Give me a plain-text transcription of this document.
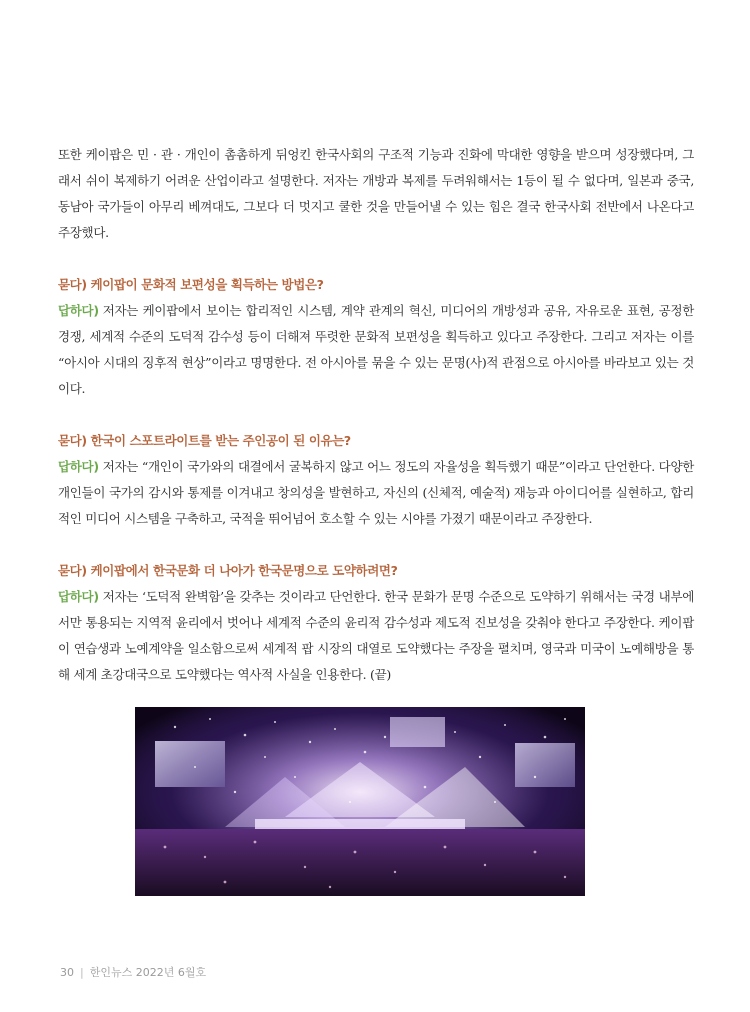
또한 케이팝은 민 · 관 · 개인이 촘촘하게 뒤엉킨 한국사회의 구조적 기능과 진화에 막대한 영향을 받으며 성장했다며, 그래서 쉬이 복제하기 어려운 산업이라고 설명한다. 저자는 개방과 복제를 두려워해서는 1등이 될 수 없다며, 일본과 중국, 동남아 국가들이 아무리 베껴대도, 그보다 더 멋지고 쿨한 것을 만들어낼 수 있는 힘은 결국 한국사회 전반에서 나온다고 주장했다.

묻다) 케이팝이 문화적 보편성을 획득하는 방법은?

답하다) 저자는 케이팝에서 보이는 합리적인 시스템, 계약 관계의 혁신, 미디어의 개방성과 공유, 자유로운 표현, 공정한 경쟁, 세계적 수준의 도덕적 감수성 등이 더해져 뚜렷한 문화적 보편성을 획득하고 있다고 주장한다. 그리고 저자는 이를 “아시아 시대의 징후적 현상”이라고 명명한다. 전 아시아를 묶을 수 있는 문명(사)적 관점으로 아시아를 바라보고 있는 것이다.

묻다) 한국이 스포트라이트를 받는 주인공이 된 이유는?

답하다) 저자는 “개인이 국가와의 대결에서 굴복하지 않고 어느 정도의 자율성을 획득했기 때문”이라고 단언한다. 다양한 개인들이 국가의 감시와 통제를 이겨내고 창의성을 발현하고, 자신의 (신체적, 예술적) 재능과 아이디어를 실현하고, 합리적인 미디어 시스템을 구축하고, 국적을 뛰어넘어 호소할 수 있는 시야를 가졌기 때문이라고 주장한다.

묻다) 케이팝에서 한국문화 더 나아가 한국문명으로 도약하려면?

답하다) 저자는 ‘도덕적 완벽함’을 갖추는 것이라고 단언한다. 한국 문화가 문명 수준으로 도약하기 위해서는 국경 내부에서만 통용되는 지역적 윤리에서 벗어나 세계적 수준의 윤리적 감수성과 제도적 진보성을 갖춰야 한다고 주장한다. 케이팝이 연습생과 노예계약을 일소함으로써 세계적 팝 시장의 대열로 도약했다는 주장을 펼치며, 영국과 미국이 노예해방을 통해 세계 초강대국으로 도약했다는 역사적 사실을 인용한다. (끝)

30 | 한인뉴스 2022년 6월호
